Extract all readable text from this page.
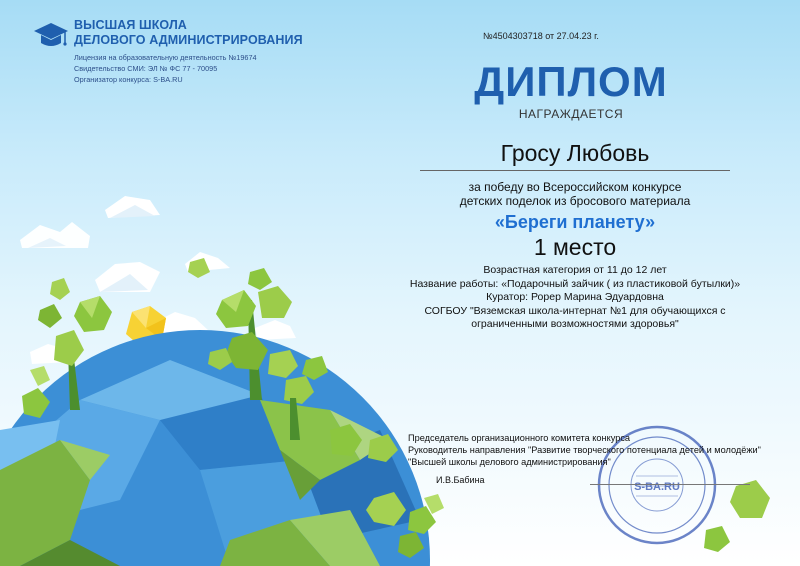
ВЫСШАЯ ШКОЛА
ДЕЛОВОГО АДМИНИСТРИРОВАНИЯ
Лицензия на образовательную деятельность №19674
Свидетельство СМИ: ЭЛ № ФС 77 - 70095
Организатор конкурса: S-BA.RU
№4504303718 от 27.04.23 г.
ДИПЛОМ
НАГРАЖДАЕТСЯ
Гросу Любовь
за победу во Всероссийском конкурсе
детских поделок из бросового материала
«Береги планету»
1 место
Возрастная категория от 11 до 12 лет
Название работы: «Подарочный зайчик ( из пластиковой бутылки)»
Куратор: Рорер Марина Эдуардовна
СОГБОУ "Вяземская школа-интернат №1 для обучающихся с
ограниченными возможностями здоровья"
S-BA.RU
Председатель организационного комитета конкурса
Руководитель направления "Развитие творческого потенциала детей и молодёжи"
"Высшей школы делового администрирования"
И.В.Бабина
